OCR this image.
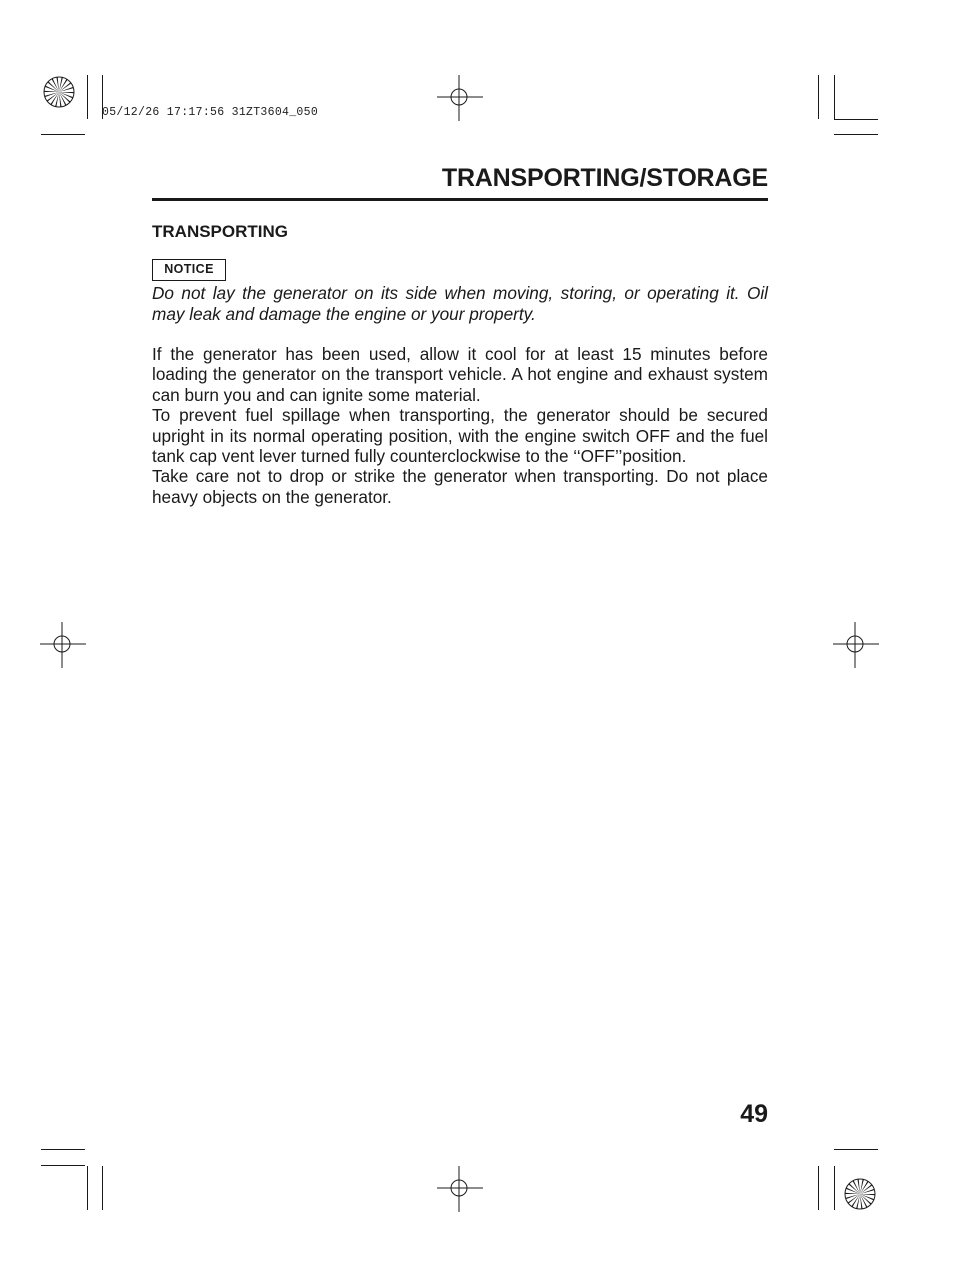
05/12/26 17:17:56 31ZT3604_050
TRANSPORTING/STORAGE
TRANSPORTING
NOTICE
Do not lay the generator on its side when moving, storing, or operating it. Oil may leak and damage the engine or your property.

If the generator has been used, allow it cool for at least 15 minutes before loading the generator on the transport vehicle. A hot engine and exhaust system can burn you and can ignite some material.

To prevent fuel spillage when transporting, the generator should be secured upright in its normal operating position, with the engine switch OFF and the fuel tank cap vent lever turned fully counterclockwise to the ‘‘OFF’’position.

Take care not to drop or strike the generator when transporting. Do not place heavy objects on the generator.

49
